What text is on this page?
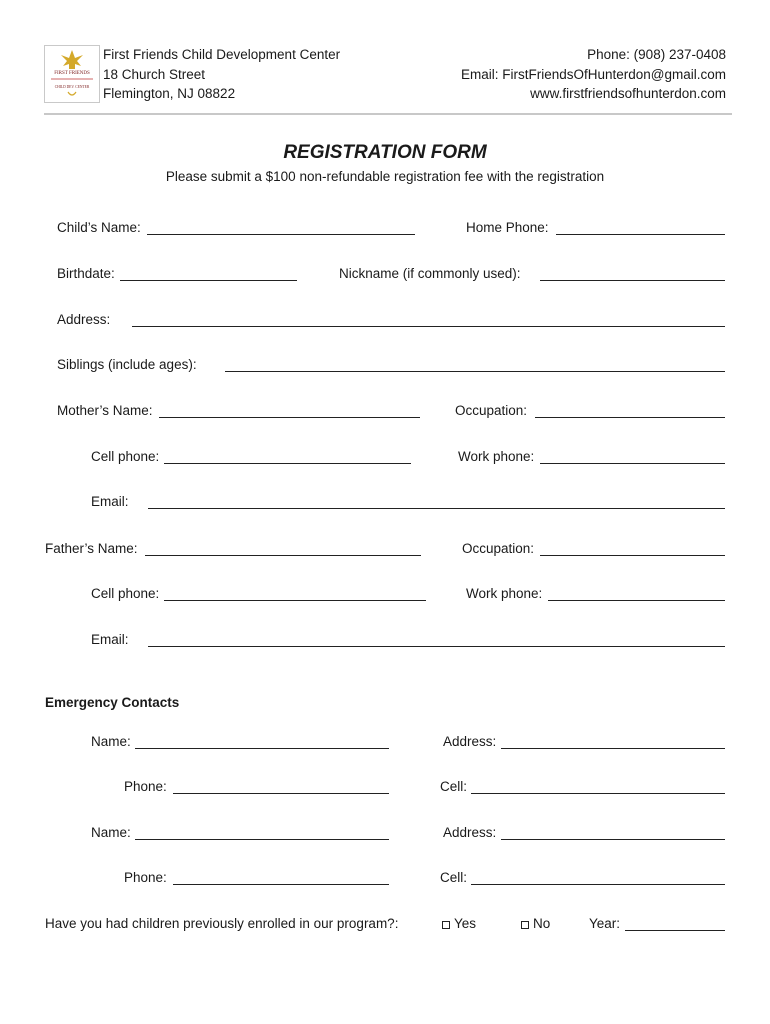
FIRST FRIENDS
CHILD DEV. CENTER
First Friends Child Development Center
18 Church Street
Flemington, NJ 08822
Phone: (908) 237-0408
Email: FirstFriendsOfHunterdon@gmail.com
www.firstfriendsofhunterdon.com
REGISTRATION FORM
Please submit a $100 non-refundable registration fee with the registration
Child’s Name:	Home Phone:
Birthdate:	Nickname (if commonly used):
Address:
Siblings (include ages):
Mother’s Name:	Occupation:
Cell phone:	Work phone:
Email:
Father’s Name:	Occupation:
Cell phone:	Work phone:
Email:
Emergency Contacts
Name:	Address:
Phone:	Cell:
Name:	Address:
Phone:	Cell:
Have you had children previously enrolled in our program?:	Yes	No	Year:
